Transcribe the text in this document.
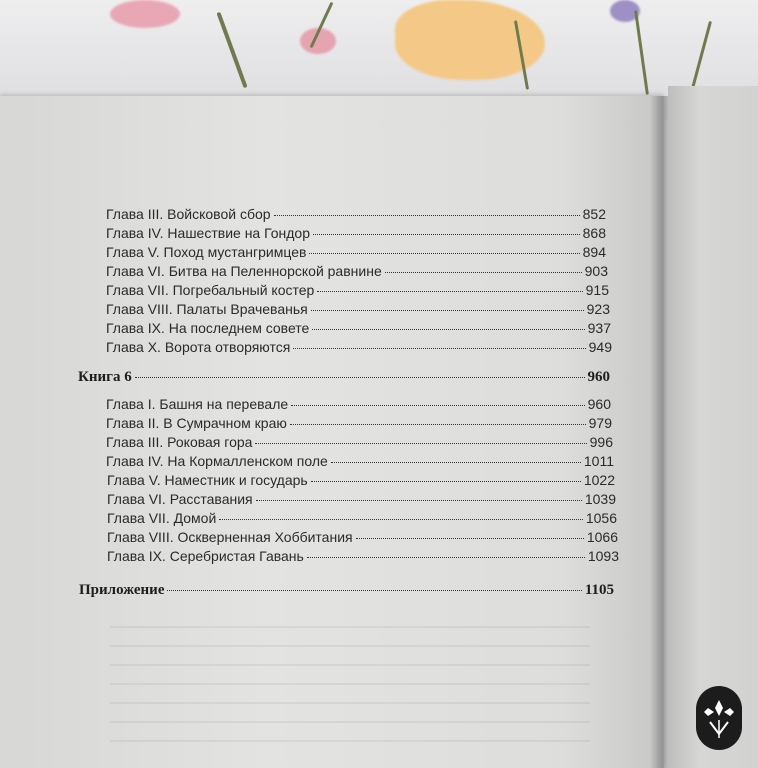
Глава III. Войсковой сбор	852
Глава IV. Нашествие на Гондор	868
Глава V. Поход мустангримцев	894
Глава VI. Битва на Пеленнорской равнине	903
Глава VII. Погребальный костер	915
Глава VIII. Палаты Врачеванья	923
Глава IX. На последнем совете	937
Глава X. Ворота отворяются	949
Книга 6	960
Глава I. Башня на перевале	960
Глава II. В Сумрачном краю	979
Глава III. Роковая гора	996
Глава IV. На Кормалленском поле	1011
Глава V. Наместник и государь	1022
Глава VI. Расставания	1039
Глава VII. Домой	1056
Глава VIII. Оскверненная Хоббитания	1066
Глава IX. Серебристая Гавань	1093
Приложение	1105
